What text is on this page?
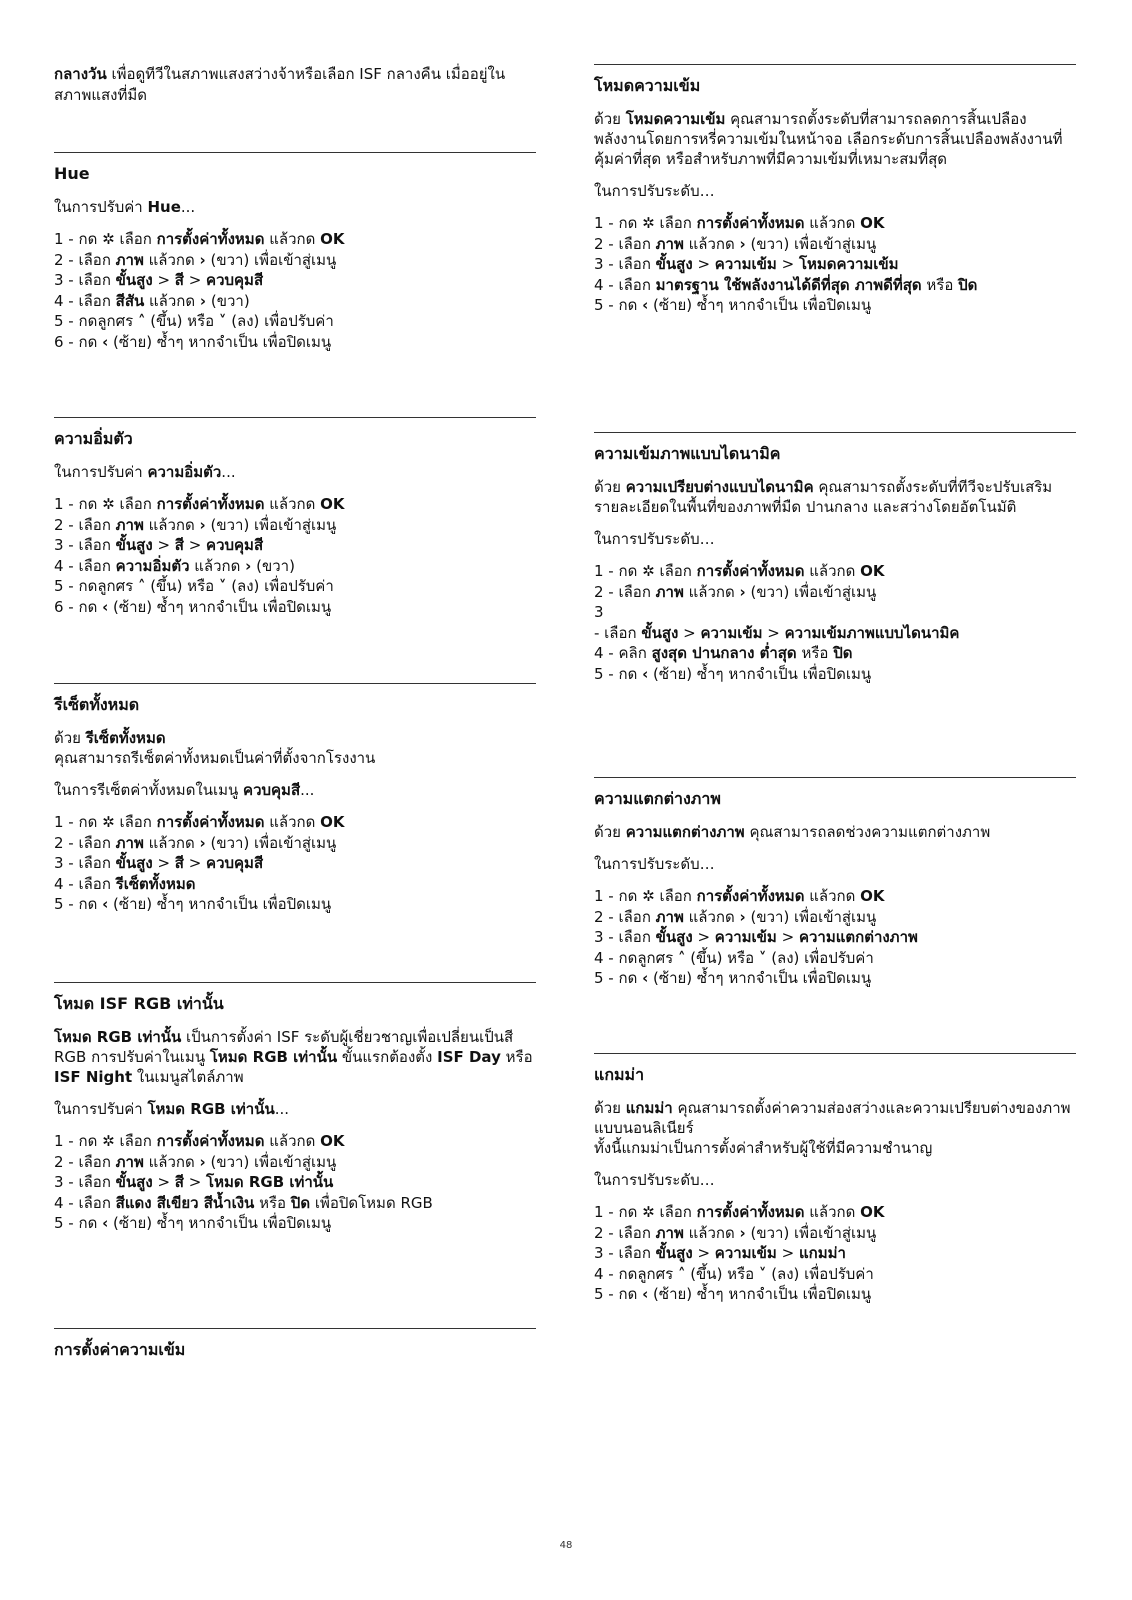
กลางวัน เพื่อดูทีวีในสภาพแสงสว่างจ้าหรือเลือก ISF กลางคืน เมื่ออยู่ในสภาพแสงที่มืด
Hue

ในการปรับค่า Hue...

1 - กด ✲ เลือก การตั้งค่าทั้งหมด แล้วกด OK
2 - เลือก ภาพ แล้วกด › (ขวา) เพื่อเข้าสู่เมนู
3 - เลือก ขั้นสูง > สี > ควบคุมสี
4 - เลือก สีสัน แล้วกด › (ขวา)
5 - กดลูกศร ˄ (ขึ้น) หรือ ˅ (ลง) เพื่อปรับค่า
6 - กด ‹ (ซ้าย) ซ้ำๆ หากจำเป็น เพื่อปิดเมนู
ความอิ่มตัว

ในการปรับค่า ความอิ่มตัว...

1 - กด ✲ เลือก การตั้งค่าทั้งหมด แล้วกด OK
2 - เลือก ภาพ แล้วกด › (ขวา) เพื่อเข้าสู่เมนู
3 - เลือก ขั้นสูง > สี > ควบคุมสี
4 - เลือก ความอิ่มตัว แล้วกด › (ขวา)
5 - กดลูกศร ˄ (ขึ้น) หรือ ˅ (ลง) เพื่อปรับค่า
6 - กด ‹ (ซ้าย) ซ้ำๆ หากจำเป็น เพื่อปิดเมนู
รีเซ็ตทั้งหมด

ด้วย รีเซ็ตทั้งหมด
คุณสามารถรีเซ็ตค่าทั้งหมดเป็นค่าที่ตั้งจากโรงงาน

ในการรีเซ็ตค่าทั้งหมดในเมนู ควบคุมสี...

1 - กด ✲ เลือก การตั้งค่าทั้งหมด แล้วกด OK
2 - เลือก ภาพ แล้วกด › (ขวา) เพื่อเข้าสู่เมนู
3 - เลือก ขั้นสูง > สี > ควบคุมสี
4 - เลือก รีเซ็ตทั้งหมด
5 - กด ‹ (ซ้าย) ซ้ำๆ หากจำเป็น เพื่อปิดเมนู
โหมด ISF RGB เท่านั้น

โหมด RGB เท่านั้น เป็นการตั้งค่า ISF ระดับผู้เชี่ยวชาญเพื่อเปลี่ยนเป็นสี RGB การปรับค่าในเมนู โหมด RGB เท่านั้น ขั้นแรกต้องตั้ง ISF Day หรือ ISF Night ในเมนูสไตล์ภาพ

ในการปรับค่า โหมด RGB เท่านั้น...

1 - กด ✲ เลือก การตั้งค่าทั้งหมด แล้วกด OK
2 - เลือก ภาพ แล้วกด › (ขวา) เพื่อเข้าสู่เมนู
3 - เลือก ขั้นสูง > สี > โหมด RGB เท่านั้น
4 - เลือก สีแดง สีเขียว สีน้ำเงิน หรือ ปิด เพื่อปิดโหมด RGB
5 - กด ‹ (ซ้าย) ซ้ำๆ หากจำเป็น เพื่อปิดเมนู
การตั้งค่าความเข้ม
โหมดความเข้ม

ด้วย โหมดความเข้ม คุณสามารถตั้งระดับที่สามารถลดการสิ้นเปลืองพลังงานโดยการหรี่ความเข้มในหน้าจอ เลือกระดับการสิ้นเปลืองพลังงานที่คุ้มค่าที่สุด หรือสำหรับภาพที่มีความเข้มที่เหมาะสมที่สุด

ในการปรับระดับ…

1 - กด ✲ เลือก การตั้งค่าทั้งหมด แล้วกด OK
2 - เลือก ภาพ แล้วกด › (ขวา) เพื่อเข้าสู่เมนู
3 - เลือก ขั้นสูง > ความเข้ม > โหมดความเข้ม
4 - เลือก มาตรฐาน ใช้พลังงานได้ดีที่สุด ภาพดีที่สุด หรือ ปิด
5 - กด ‹ (ซ้าย) ซ้ำๆ หากจำเป็น เพื่อปิดเมนู
ความเข้มภาพแบบไดนามิค

ด้วย ความเปรียบต่างแบบไดนามิค คุณสามารถตั้งระดับที่ทีวีจะปรับเสริมรายละเอียดในพื้นที่ของภาพที่มืด ปานกลาง และสว่างโดยอัตโนมัติ

ในการปรับระดับ…

1 - กด ✲ เลือก การตั้งค่าทั้งหมด แล้วกด OK
2 - เลือก ภาพ แล้วกด › (ขวา) เพื่อเข้าสู่เมนู
3
- เลือก ขั้นสูง > ความเข้ม > ความเข้มภาพแบบไดนามิค
4 - คลิก สูงสุด ปานกลาง ต่ำสุด หรือ ปิด
5 - กด ‹ (ซ้าย) ซ้ำๆ หากจำเป็น เพื่อปิดเมนู
ความแตกต่างภาพ

ด้วย ความแตกต่างภาพ คุณสามารถลดช่วงความแตกต่างภาพ

ในการปรับระดับ…

1 - กด ✲ เลือก การตั้งค่าทั้งหมด แล้วกด OK
2 - เลือก ภาพ แล้วกด › (ขวา) เพื่อเข้าสู่เมนู
3 - เลือก ขั้นสูง > ความเข้ม > ความแตกต่างภาพ
4 - กดลูกศร ˄ (ขึ้น) หรือ ˅ (ลง) เพื่อปรับค่า
5 - กด ‹ (ซ้าย) ซ้ำๆ หากจำเป็น เพื่อปิดเมนู
แกมม่า

ด้วย แกมม่า คุณสามารถตั้งค่าความส่องสว่างและความเปรียบต่างของภาพแบบนอนลิเนียร์
ทั้งนี้แกมม่าเป็นการตั้งค่าสำหรับผู้ใช้ที่มีความชำนาญ

ในการปรับระดับ…

1 - กด ✲ เลือก การตั้งค่าทั้งหมด แล้วกด OK
2 - เลือก ภาพ แล้วกด › (ขวา) เพื่อเข้าสู่เมนู
3 - เลือก ขั้นสูง > ความเข้ม > แกมม่า
4 - กดลูกศร ˄ (ขึ้น) หรือ ˅ (ลง) เพื่อปรับค่า
5 - กด ‹ (ซ้าย) ซ้ำๆ หากจำเป็น เพื่อปิดเมนู
48
